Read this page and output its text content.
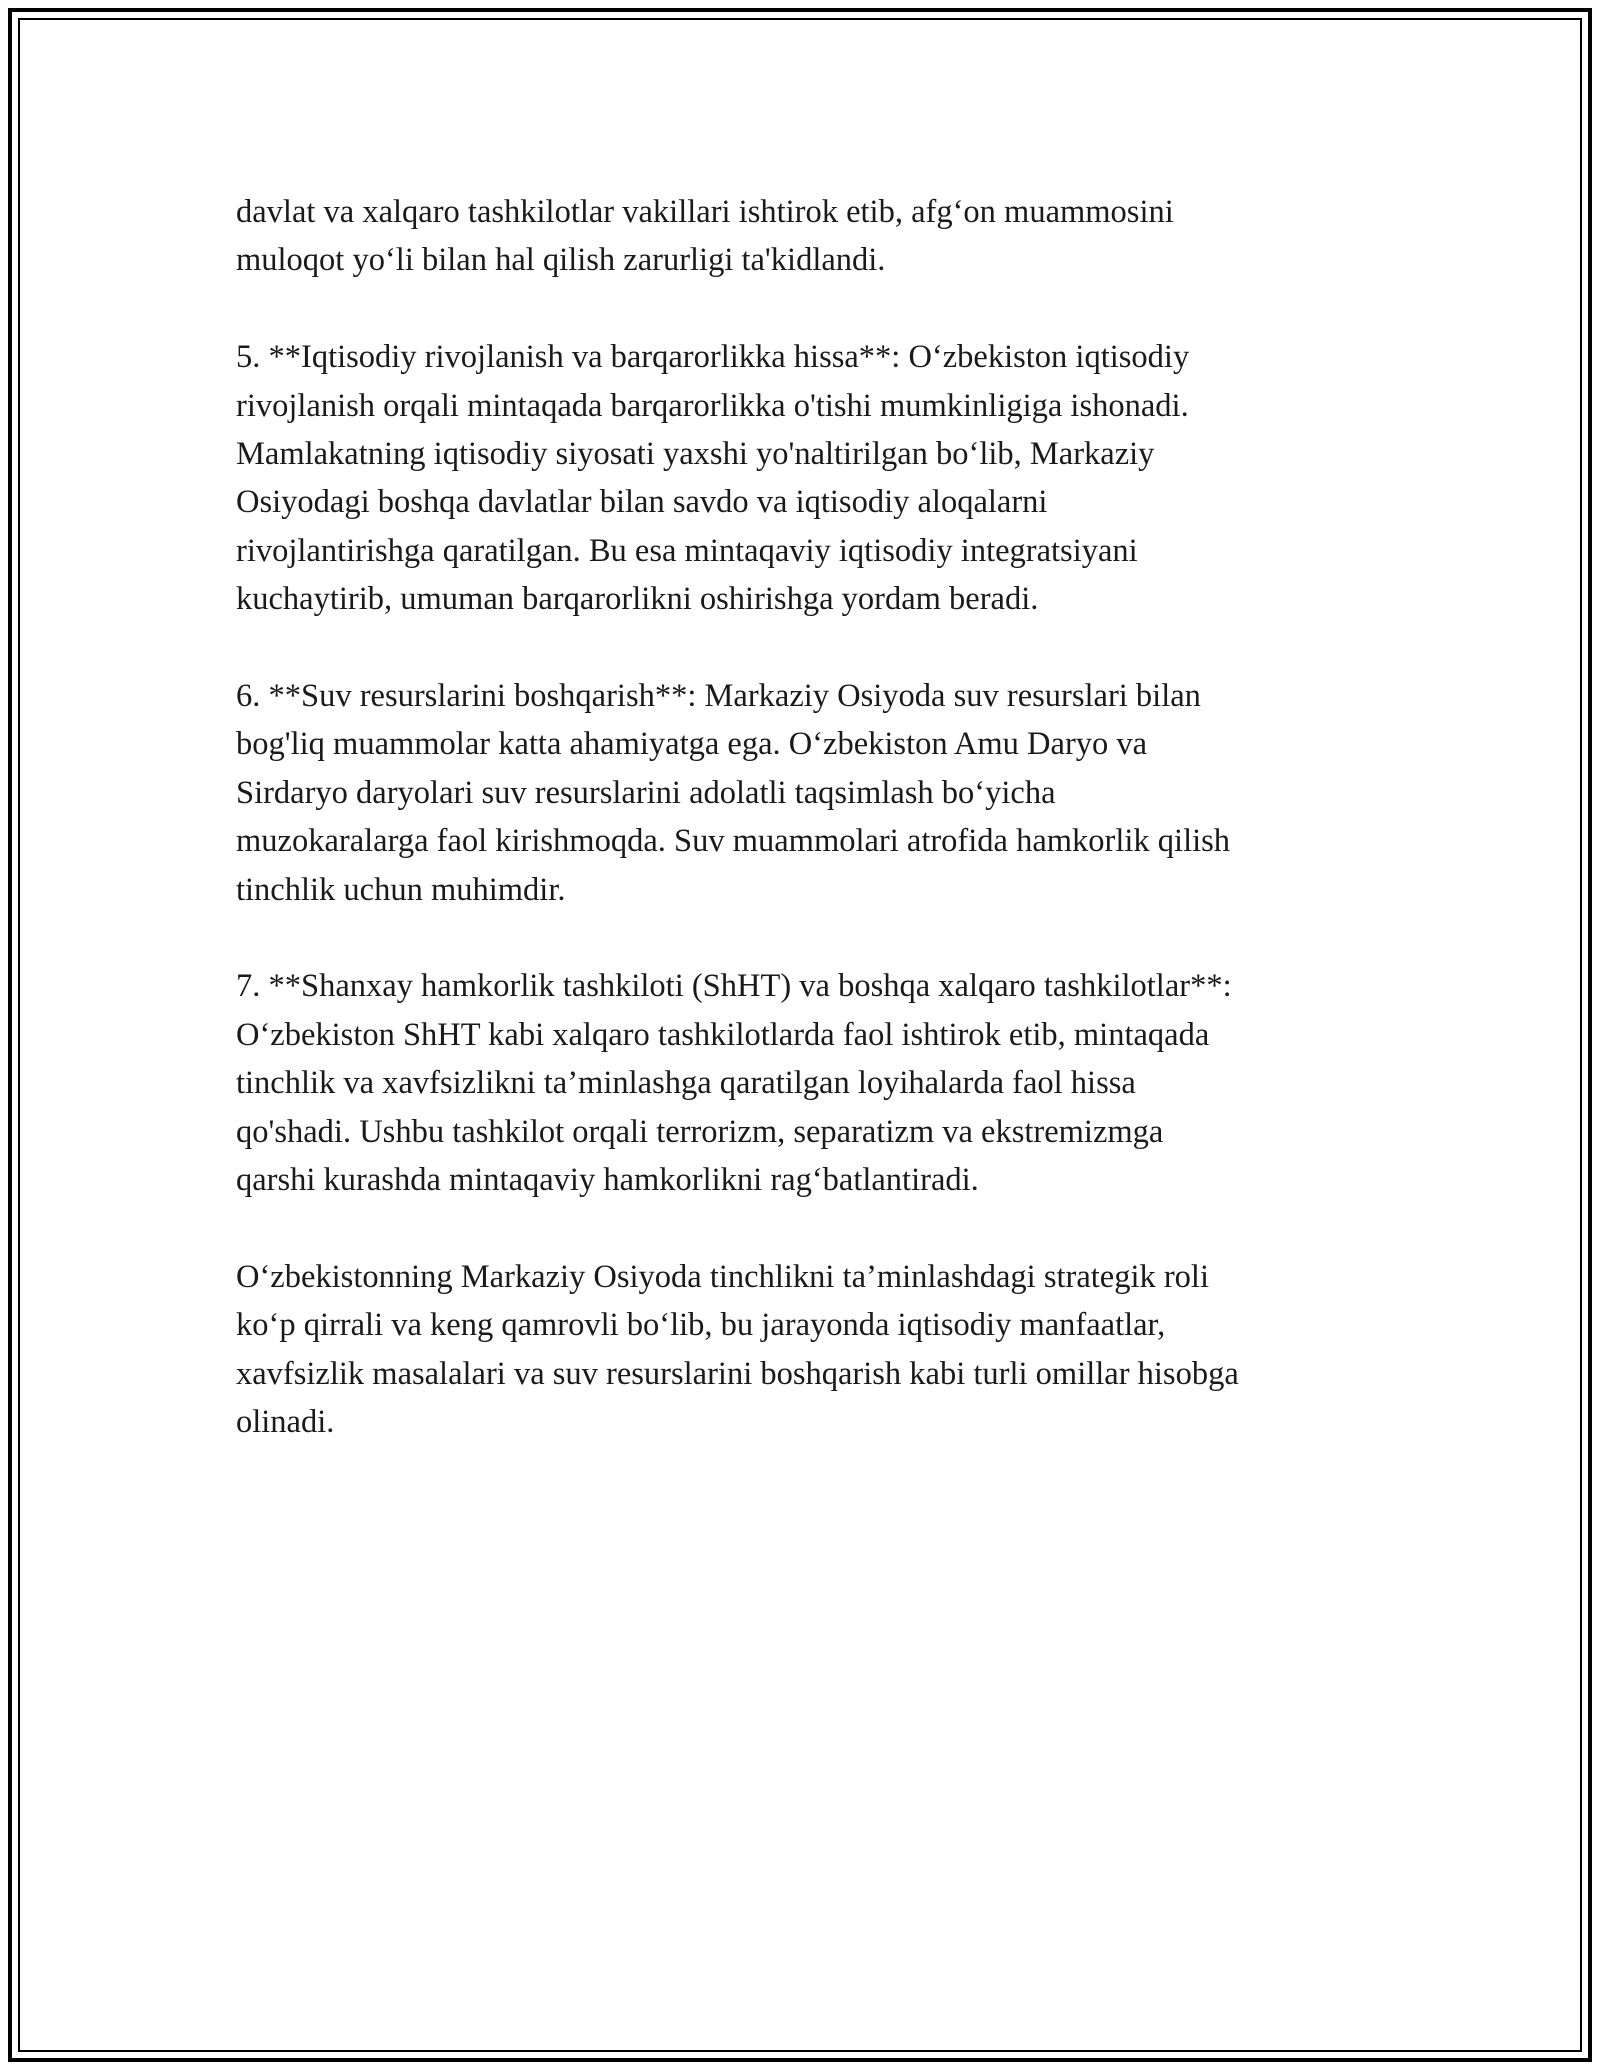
davlat va xalqaro tashkilotlar vakillari ishtirok etib, afg‘on muammosini
muloqot yo‘li bilan hal qilish zarurligi ta'kidlandi.

5. **Iqtisodiy rivojlanish va barqarorlikka hissa**: O‘zbekiston iqtisodiy
rivojlanish orqali mintaqada barqarorlikka o'tishi mumkinligiga ishonadi.
Mamlakatning iqtisodiy siyosati yaxshi yo'naltirilgan bo‘lib, Markaziy
Osiyodagi boshqa davlatlar bilan savdo va iqtisodiy aloqalarni
rivojlantirishga qaratilgan. Bu esa mintaqaviy iqtisodiy integratsiyani
kuchaytirib, umuman barqarorlikni oshirishga yordam beradi.

6. **Suv resurslarini boshqarish**: Markaziy Osiyoda suv resurslari bilan
bog'liq muammolar katta ahamiyatga ega. O‘zbekiston Amu Daryo va
Sirdaryo daryolari suv resurslarini adolatli taqsimlash bo‘yicha
muzokaralarga faol kirishmoqda. Suv muammolari atrofida hamkorlik qilish
tinchlik uchun muhimdir.

7. **Shanxay hamkorlik tashkiloti (ShHT) va boshqa xalqaro tashkilotlar**:
O‘zbekiston ShHT kabi xalqaro tashkilotlarda faol ishtirok etib, mintaqada
tinchlik va xavfsizlikni ta’minlashga qaratilgan loyihalarda faol hissa
qo'shadi. Ushbu tashkilot orqali terrorizm, separatizm va ekstremizmga
qarshi kurashda mintaqaviy hamkorlikni rag‘batlantiradi.

O‘zbekistonning Markaziy Osiyoda tinchlikni ta’minlashdagi strategik roli
ko‘p qirrali va keng qamrovli bo‘lib, bu jarayonda iqtisodiy manfaatlar,
xavfsizlik masalalari va suv resurslarini boshqarish kabi turli omillar hisobga
olinadi.
